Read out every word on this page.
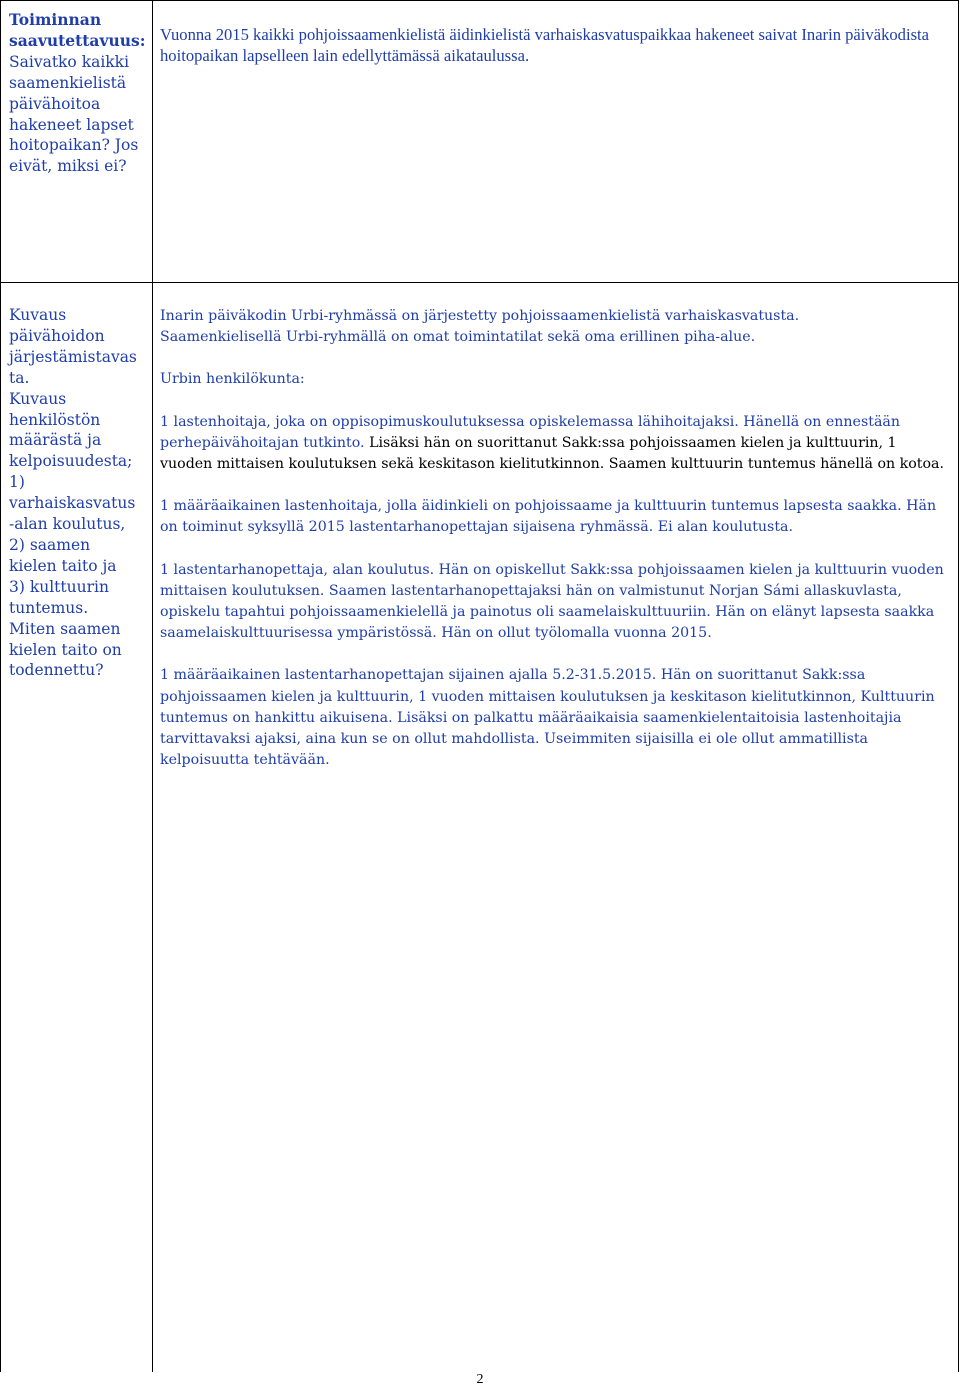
Toiminnan
saavutettavuus:
Saivatko kaikki
saamenkielistä
päivähoitoa
hakeneet lapset
hoitopaikan? Jos
eivät, miksi ei?

Vuonna 2015 kaikki pohjoissaamenkielistä äidinkielistä varhaiskasvatuspaikkaa hakeneet saivat Inarin päiväkodista hoitopaikan lapselleen lain edellyttämässä aikataulussa.

Kuvaus
päivähoidon
järjestämistavas
ta.
Kuvaus
henkilöstön
määrästä ja
kelpoisuudesta;
1)
varhaiskasvatus
-alan koulutus,
2) saamen
kielen taito ja
3) kulttuurin
tuntemus.
Miten saamen
kielen taito on
todennettu?

Inarin päiväkodin Urbi-ryhmässä on järjestetty pohjoissaamenkielistä varhaiskasvatusta.

Saamenkielisellä Urbi-ryhmällä on omat toimintatilat sekä oma erillinen piha-alue.

Urbin henkilökunta:

1 lastenhoitaja, joka on oppisopimuskoulutuksessa opiskelemassa lähihoitajaksi. Hänellä on ennestään perhepäivähoitajan tutkinto. Lisäksi hän on suorittanut Sakk:ssa pohjoissaamen kielen ja kulttuurin, 1 vuoden mittaisen koulutuksen sekä keskitason kielitutkinnon. Saamen kulttuurin tuntemus hänellä on kotoa.

1 määräaikainen lastenhoitaja, jolla äidinkieli on pohjoissaame ja kulttuurin tuntemus lapsesta saakka. Hän on toiminut syksyllä 2015 lastentarhanopettajan sijaisena ryhmässä. Ei alan koulutusta.

1 lastentarhanopettaja, alan koulutus. Hän on opiskellut Sakk:ssa pohjoissaamen kielen ja kulttuurin vuoden mittaisen koulutuksen. Saamen lastentarhanopettajaksi hän on valmistunut Norjan Sámi allaskuvlasta, opiskelu tapahtui pohjoissaamenkielellä ja painotus oli saamelaiskulttuuriin. Hän on elänyt lapsesta saakka saamelaiskulttuurisessa ympäristössä. Hän on ollut työlomalla vuonna 2015.

1 määräaikainen lastentarhanopettajan sijainen ajalla 5.2-31.5.2015. Hän on suorittanut Sakk:ssa pohjoissaamen kielen ja kulttuurin, 1 vuoden mittaisen koulutuksen ja keskitason kielitutkinnon, Kulttuurin tuntemus on hankittu aikuisena. Lisäksi on palkattu määräaikaisia saamenkielentaitoisia lastenhoitajia tarvittavaksi ajaksi, aina kun se on ollut mahdollista. Useimmiten sijaisilla ei ole ollut ammatillista kelpoisuutta tehtävään.

2
